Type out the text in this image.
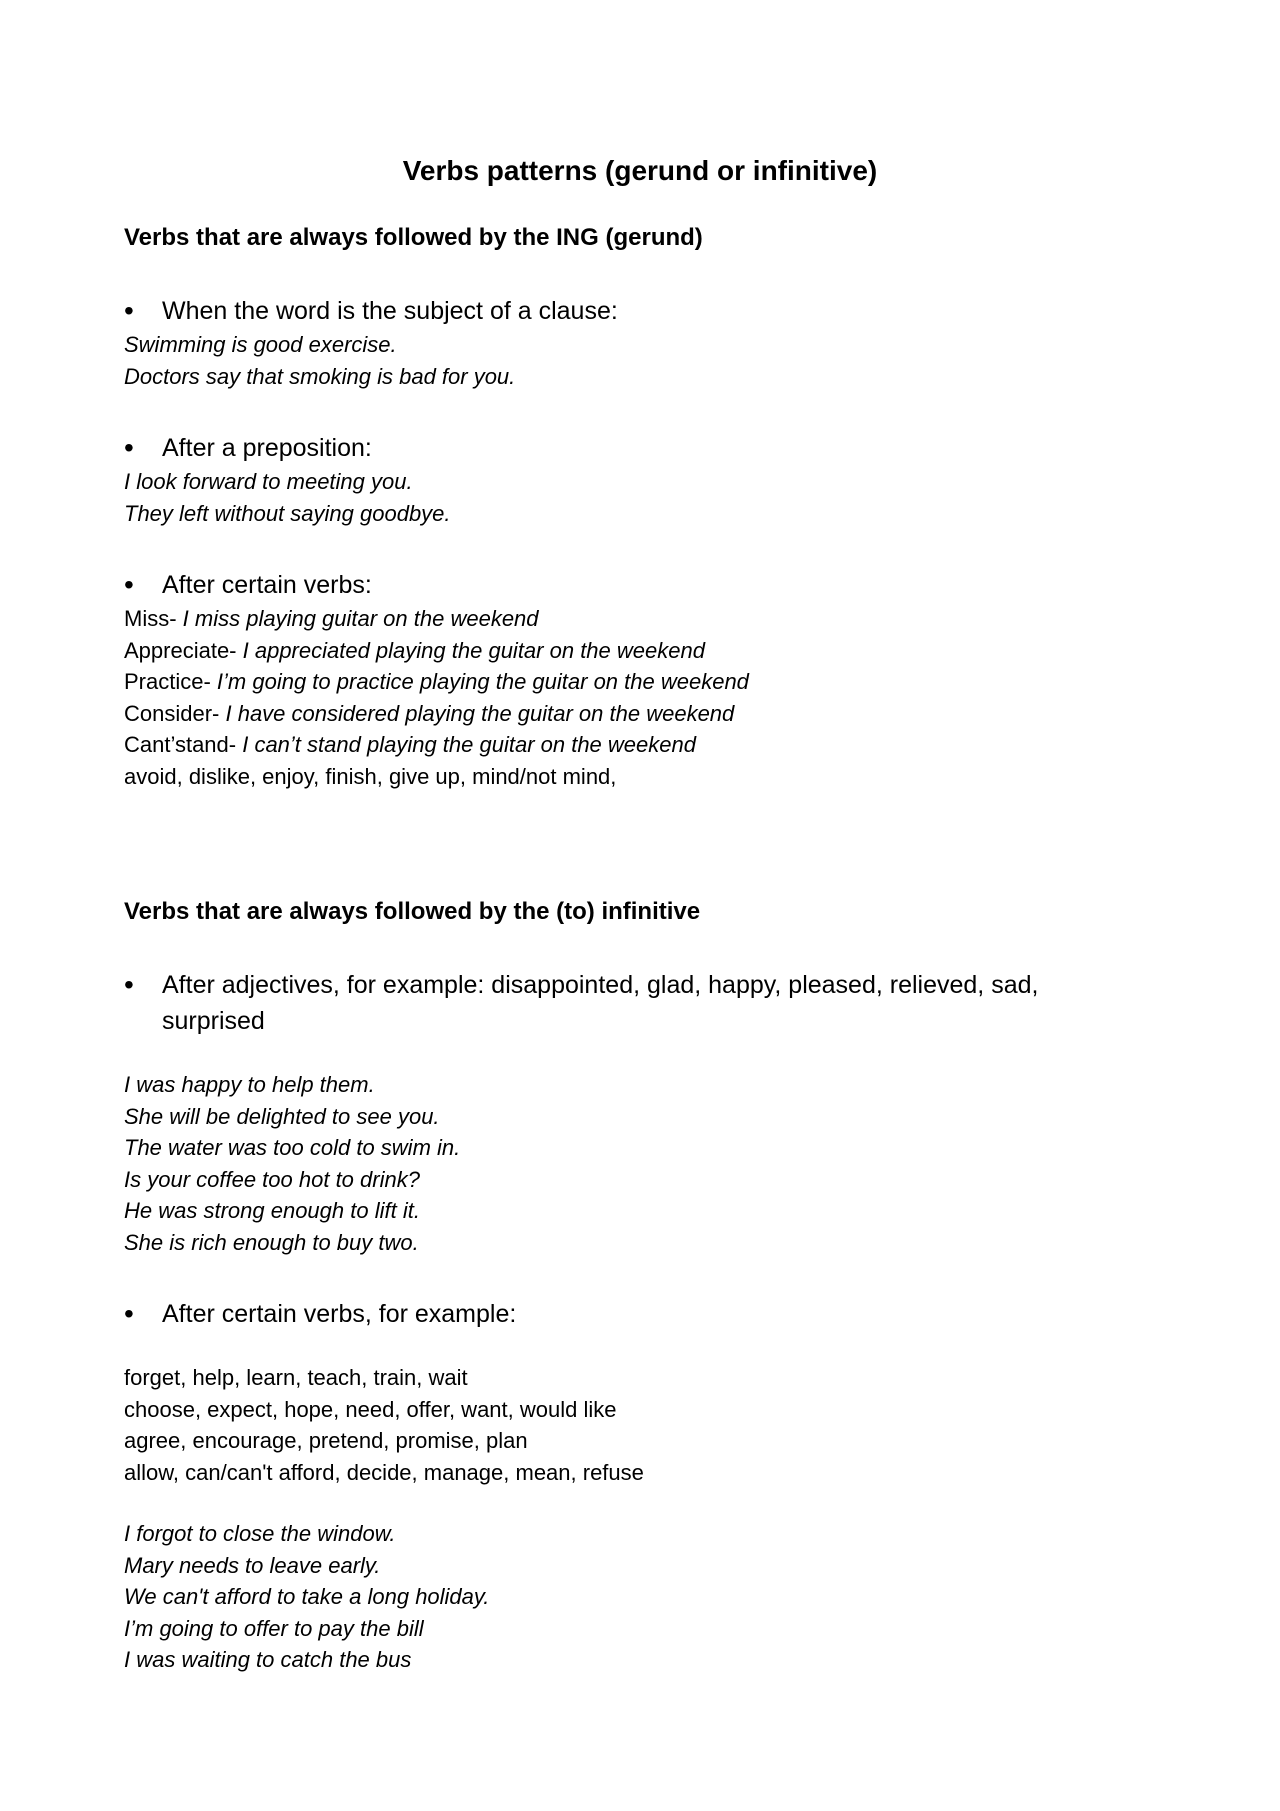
Verbs patterns (gerund or infinitive)
Verbs that are always followed by the ING (gerund)

• When the word is the subject of a clause:

Swimming is good exercise.

Doctors say that smoking is bad for you.

• After a preposition:

I look forward to meeting you.

They left without saying goodbye.

• After certain verbs:

Miss- I miss playing guitar on the weekend

Appreciate- I appreciated playing the guitar on the weekend

Practice- I’m going to practice playing the guitar on the weekend

Consider- I have considered playing the guitar on the weekend

Cant’stand- I can’t stand playing the guitar on the weekend

avoid, dislike, enjoy, finish, give up, mind/not mind,

Verbs that are always followed by the (to) infinitive

• After adjectives, for example: disappointed, glad, happy, pleased, relieved, sad, surprised

I was happy to help them.

She will be delighted to see you.

The water was too cold to swim in.

Is your coffee too hot to drink?

He was strong enough to lift it.

She is rich enough to buy two.

• After certain verbs, for example:

forget, help, learn, teach, train, wait

choose, expect, hope, need, offer, want, would like

agree, encourage, pretend, promise, plan

allow, can/can't afford, decide, manage, mean, refuse

I forgot to close the window.

Mary needs to leave early.

We can't afford to take a long holiday.

I’m going to offer to pay the bill

I was waiting to catch the bus
